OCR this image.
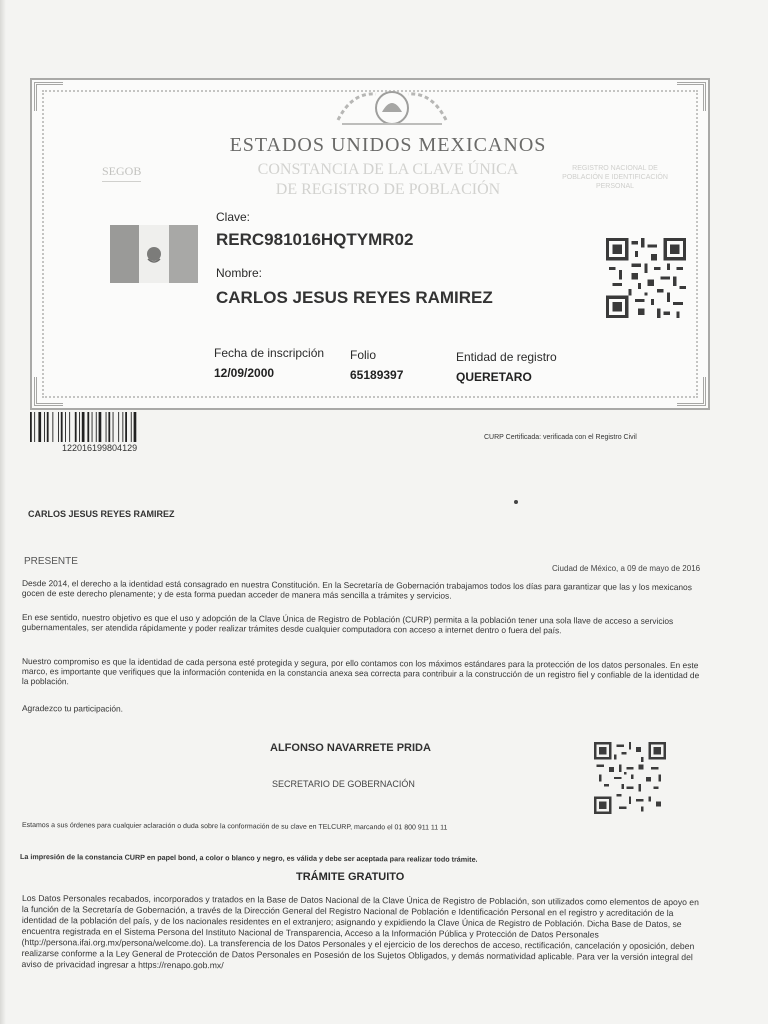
ESTADOS UNIDOS MEXICANOS
CONSTANCIA DE LA CLAVE ÚNICA
DE REGISTRO DE POBLACIÓN
SEGOB	REGISTRO NACIONAL DE POBLACIÓN E IDENTIFICACIÓN PERSONAL
Clave:
RERC981016HQTYMR02
Nombre:
CARLOS JESUS REYES RAMIREZ
Fecha de inscripción
12/09/2000
Folio
65189397
Entidad de registro
QUERETARO
122016199804129
CURP Certificada: verificada con el Registro Civil
CARLOS JESUS REYES RAMIREZ
PRESENTE
Ciudad de México, a 09 de mayo de 2016
Desde 2014, el derecho a la identidad está consagrado en nuestra Constitución. En la Secretaría de Gobernación trabajamos todos los días para garantizar que las y los mexicanos gocen de este derecho plenamente; y de esta forma puedan acceder de manera más sencilla a trámites y servicios.
En ese sentido, nuestro objetivo es que el uso y adopción de la Clave Única de Registro de Población (CURP) permita a la población tener una sola llave de acceso a servicios gubernamentales, ser atendida rápidamente y poder realizar trámites desde cualquier computadora con acceso a internet dentro o fuera del país.
Nuestro compromiso es que la identidad de cada persona esté protegida y segura, por ello contamos con los máximos estándares para la protección de los datos personales. En este marco, es importante que verifiques que la información contenida en la constancia anexa sea correcta para contribuir a la construcción de un registro fiel y confiable de la identidad de la población.
Agradezco tu participación.
ALFONSO NAVARRETE PRIDA
SECRETARIO DE GOBERNACIÓN
Estamos a sus órdenes para cualquier aclaración o duda sobre la conformación de su clave en TELCURP, marcando el 01 800 911 11 11
La impresión de la constancia CURP en papel bond, a color o blanco y negro, es válida y debe ser aceptada para realizar todo trámite.
TRÁMITE GRATUITO
Los Datos Personales recabados, incorporados y tratados en la Base de Datos Nacional de la Clave Única de Registro de Población, son utilizados como elementos de apoyo en la función de la Secretaría de Gobernación, a través de la Dirección General del Registro Nacional de Población e Identificación Personal en el registro y acreditación de la identidad de la población del país, y de los nacionales residentes en el extranjero; asignando y expidiendo la Clave Única de Registro de Población. Dicha Base de Datos, se encuentra registrada en el Sistema Persona del Instituto Nacional de Transparencia, Acceso a la Información Pública y Protección de Datos Personales (http://persona.ifai.org.mx/persona/welcome.do). La transferencia de los Datos Personales y el ejercicio de los derechos de acceso, rectificación, cancelación y oposición, deben realizarse conforme a la Ley General de Protección de Datos Personales en Posesión de los Sujetos Obligados, y demás normatividad aplicable. Para ver la versión integral del aviso de privacidad ingresar a https://renapo.gob.mx/
